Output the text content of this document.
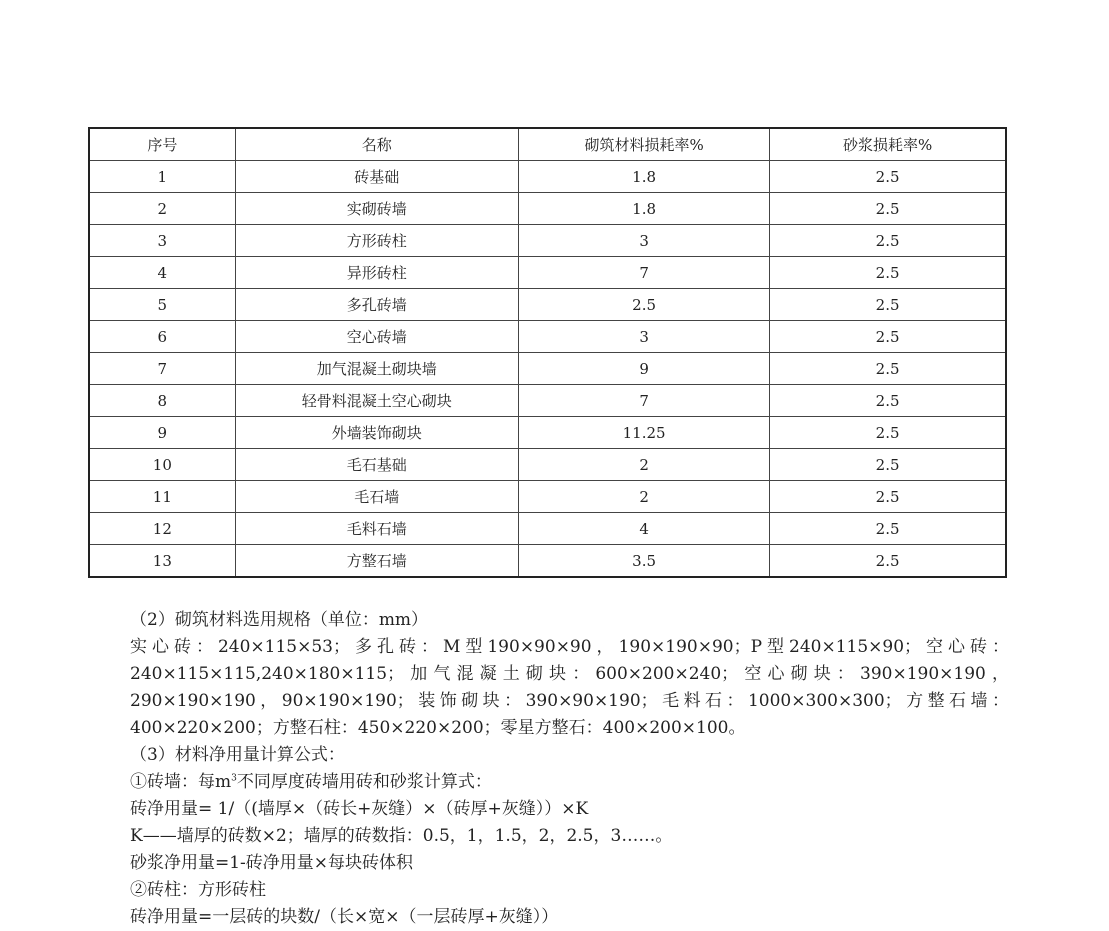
序号	名称	砌筑材料损耗率%	砂浆损耗率%
1	砖基础	1.8	2.5
2	实砌砖墙	1.8	2.5
3	方形砖柱	3	2.5
4	异形砖柱	7	2.5
5	多孔砖墙	2.5	2.5
6	空心砖墙	3	2.5
7	加气混凝土砌块墙	9	2.5
8	轻骨料混凝土空心砌块	7	2.5
9	外墙装饰砌块	11.25	2.5
10	毛石基础	2	2.5
11	毛石墙	2	2.5
12	毛料石墙	4	2.5
13	方整石墙	3.5	2.5

（2）砌筑材料选用规格（单位：mm）

实心砖：240×115×53；多孔砖：M型190×90×90，190×190×90；P型240×115×90；空心砖：240×115×115,240×180×115；加气混凝土砌块：600×200×240；空心砌块：390×190×190，290×190×190，90×190×190；装饰砌块：390×90×190；毛料石：1000×300×300；方整石墙：400×220×200；方整石柱：450×220×200；零星方整石：400×200×100。

（3）材料净用量计算公式：

①砖墙：每$m^3$不同厚度砖墙用砖和砂浆计算式：

砖净用量= 1/（(墙厚×（砖长+灰缝）×（砖厚+灰缝））×K

K——墙厚的砖数×2；墙厚的砖数指：0.5，1，1.5，2，2.5，3……。

砂浆净用量=1-砖净用量×每块砖体积

②砖柱：方形砖柱

砖净用量=一层砖的块数/（长×宽×（一层砖厚+灰缝））
